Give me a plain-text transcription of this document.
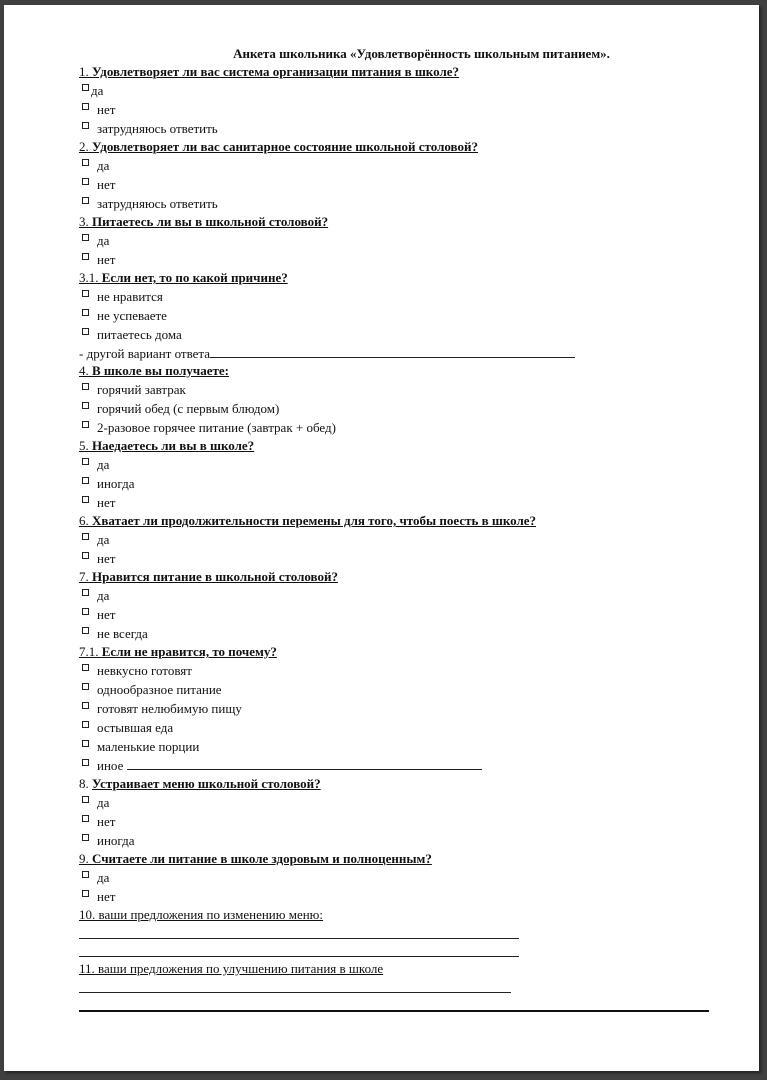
Анкета школьника «Удовлетворённость школьным питанием».
1. Удовлетворяет ли вас система организации питания в школе?
да
нет
затрудняюсь ответить
2. Удовлетворяет ли вас санитарное состояние школьной столовой?
да
нет
затрудняюсь ответить
3. Питаетесь ли вы в школьной столовой?
да
нет
3.1. Если нет, то по какой причине?
не нравится
не успеваете
питаетесь дома
- другой вариант ответа
4. В школе вы получаете:
горячий завтрак
горячий обед (с первым блюдом)
2-разовое горячее питание (завтрак + обед)
5. Наедаетесь ли вы в школе?
да
иногда
нет
6. Хватает ли продолжительности перемены для того, чтобы поесть в школе?
да
нет
7. Нравится питание в школьной столовой?
да
нет
не всегда
7.1. Если не нравится, то почему?
невкусно готовят
однообразное питание
готовят нелюбимую пищу
остывшая еда
маленькие порции
иное
8. Устраивает меню школьной столовой?
да
нет
иногда
9. Считаете ли питание в школе здоровым и полноценным?
да
нет
10. ваши предложения по изменению меню:
11. ваши предложения по улучшению питания в школе
